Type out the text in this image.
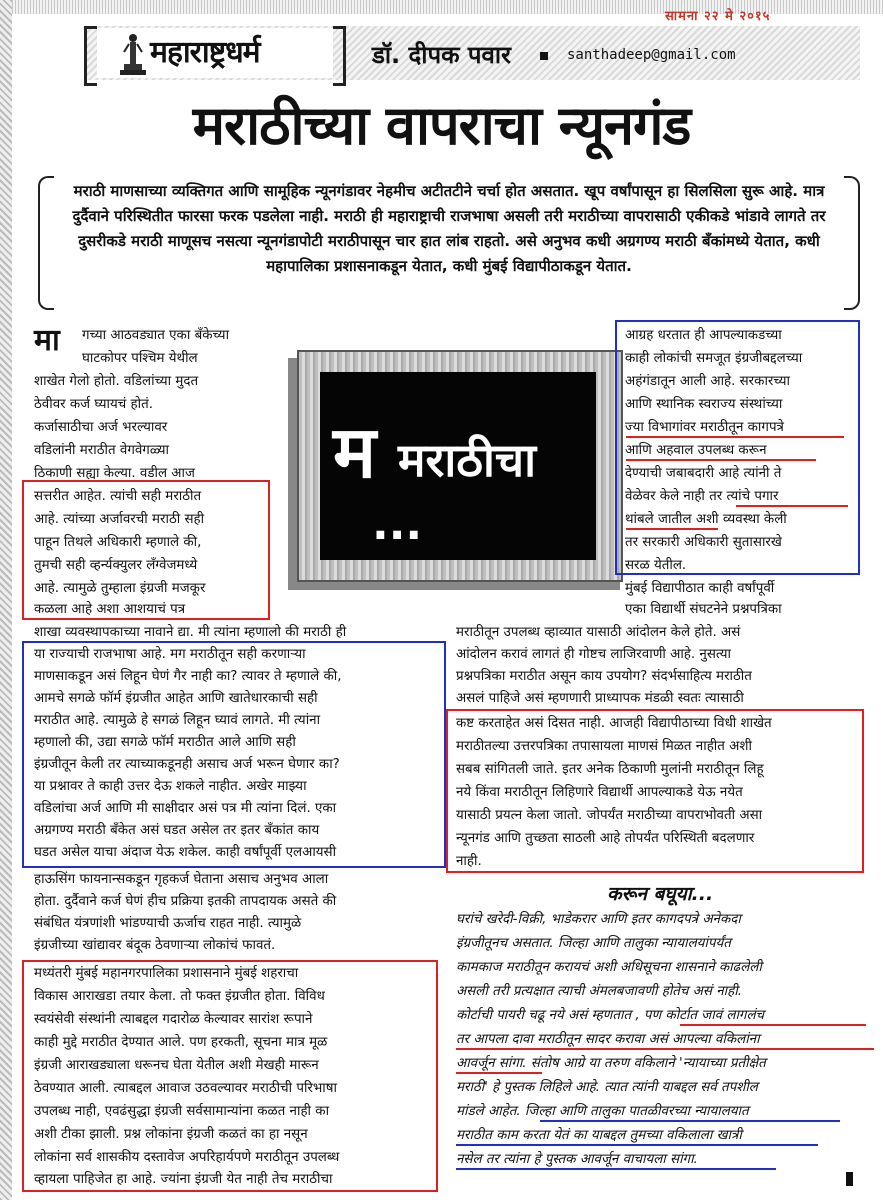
सामना २२ मे २०१५
महाराष्ट्रधर्म	डॉ. दीपक पवार	santhadeep@gmail.com
मराठीच्या वापराचा न्यूनगंड
मराठी माणसाच्या व्यक्तिगत आणि सामूहिक न्यूनगंडावर नेहमीच अटीतटीने चर्चा होत असतात. खूप वर्षांपासून हा सिलसिला सुरू आहे. मात्र दुर्दैवाने परिस्थितीत फारसा फरक पडलेला नाही. मराठी ही महाराष्ट्राची राजभाषा असली तरी मराठीच्या वापरासाठी एकीकडे भांडावे लागते तर दुसरीकडे मराठी माणूसच नसत्या न्यूनगंडापोटी मराठीपासून चार हात लांब राहतो. असे अनुभव कधी अग्रगण्य मराठी बँकांमध्ये येतात, कधी महापालिका प्रशासनाकडून येतात, कधी मुंबई विद्यापीठाकडून येतात.
म मराठीचा
...
मा गच्या आठवड्यात एका बँकेच्या
घाटकोपर पश्चिम येथील
शाखेत गेलो होतो. वडिलांच्या मुदत
ठेवीवर कर्ज घ्यायचं होतं.
कर्जासाठीचा अर्ज भरल्यावर
वडिलांनी मराठीत वेगवेगळ्या
ठिकाणी सह्या केल्या. वडील आज
सत्तरीत आहेत. त्यांची सही मराठीत
आहे. त्यांच्या अर्जावरची मराठी सही
पाहून तिथले अधिकारी म्हणाले की,
तुमची सही व्हर्न्यक्युलर लँग्वेजमध्ये
आहे. त्यामुळे तुम्हाला इंग्रजी मजकूर
कळला आहे अशा आशयाचं पत्र
शाखा व्यवस्थापकाच्या नावाने द्या. मी त्यांना म्हणालो की मराठी ही
या राज्याची राजभाषा आहे. मग मराठीतून सही करणाऱ्या
माणसाकडून असं लिहून घेणं गैर नाही का? त्यावर ते म्हणाले की,
आमचे सगळे फॉर्म इंग्रजीत आहेत आणि खातेधारकाची सही
मराठीत आहे. त्यामुळे हे सगळं लिहून घ्यावं लागते. मी त्यांना
म्हणालो की, उद्या सगळे फॉर्म मराठीत आले आणि सही
इंग्रजीतून केली तर त्याच्याकडूनही असाच अर्ज भरून घेणार का?
या प्रश्नावर ते काही उत्तर देऊ शकले नाहीत. अखेर माझ्या
वडिलांचा अर्ज आणि मी साक्षीदार असं पत्र मी त्यांना दिलं. एका
अग्रगण्य मराठी बँकेत असं घडत असेल तर इतर बँकांत काय
घडत असेल याचा अंदाज येऊ शकेल. काही वर्षांपूर्वी एलआयसी
हाऊसिंग फायनान्सकडून गृहकर्ज घेताना असाच अनुभव आला
होता. दुर्दैवाने कर्ज घेणं हीच प्रक्रिया इतकी तापदायक असते की
संबंधित यंत्रणांशी भांडण्याची ऊर्जाच राहत नाही. त्यामुळे
इंग्रजीच्या खांद्यावर बंदूक ठेवणाऱ्या लोकांचं फावतं.
मध्यंतरी मुंबई महानगरपालिका प्रशासनाने मुंबई शहराचा
विकास आराखडा तयार केला. तो फक्त इंग्रजीत होता. विविध
स्वयंसेवी संस्थांनी त्याबद्दल गदारोळ केल्यावर सारांश रूपाने
काही मुद्दे मराठीत देण्यात आले. पण हरकती, सूचना मात्र मूळ
इंग्रजी आराखड्याला धरूनच घेता येतील अशी मेखही मारून
ठेवण्यात आली. त्याबद्दल आवाज उठवल्यावर मराठीची परिभाषा
उपलब्ध नाही, एवढंसुद्धा इंग्रजी सर्वसामान्यांना कळत नाही का
अशी टीका झाली. प्रश्न लोकांना इंग्रजी कळतं का हा नसून
लोकांना सर्व शासकीय दस्तावेज अपरिहार्यपणे मराठीतून उपलब्ध
व्हायला पाहिजेत हा आहे. ज्यांना इंग्रजी येत नाही तेच मराठीचा
आग्रह धरतात ही आपल्याकडच्या
काही लोकांची समजूत इंग्रजीबद्दलच्या
अहंगंडातून आली आहे. सरकारच्या
आणि स्थानिक स्वराज्य संस्थांच्या
ज्या विभागांवर मराठीतून कागपत्रे
आणि अहवाल उपलब्ध करून
देण्याची जबाबदारी आहे त्यांनी ते
वेळेवर केले नाही तर त्यांचे पगार
थांबले जातील अशी व्यवस्था केली
तर सरकारी अधिकारी सुतासारखे
सरळ येतील.
मुंबई विद्यापीठात काही वर्षांपूर्वी
एका विद्यार्थी संघटनेने प्रश्नपत्रिका
मराठीतून उपलब्ध व्हाव्यात यासाठी आंदोलन केले होते. असं
आंदोलन करावं लागतं ही गोष्टच लाजिरवाणी आहे. नुसत्या
प्रश्नपत्रिका मराठीत असून काय उपयोग? संदर्भसाहित्य मराठीत
असलं पाहिजे असं म्हणणारी प्राध्यापक मंडळी स्वतः त्यासाठी
कष्ट करताहेत असं दिसत नाही. आजही विद्यापीठाच्या विधी शाखेत
मराठीतल्या उत्तरपत्रिका तपासायला माणसं मिळत नाहीत अशी
सबब सांगितली जाते. इतर अनेक ठिकाणी मुलांनी मराठीतून लिहू
नये किंवा मराठीतून लिहिणारे विद्यार्थी आपल्याकडे येऊ नयेत
यासाठी प्रयत्न केला जातो. जोपर्यंत मराठीच्या वापराभोवती असा
न्यूनगंड आणि तुच्छता साठली आहे तोपर्यंत परिस्थिती बदलणार
नाही.
करून बघूया...
घरांचे खरेदी-विक्री, भाडेकरार आणि इतर कागदपत्रे अनेकदा
इंग्रजीतूनच असतात. जिल्हा आणि तालुका न्यायालयांपर्यंत
कामकाज मराठीतून करायचं अशी अधिसूचना शासनाने काढलेली
असली तरी प्रत्यक्षात त्याची अंमलबजावणी होतेच असं नाही.
कोर्टाची पायरी चढू नये असं म्हणतात , पण कोर्टात जावं लागलंच
तर आपला दावा मराठीतून सादर करावा असं आपल्या वकिलांना
आवर्जून सांगा. संतोष आग्रे या तरुण वकिलाने 'न्यायाच्या प्रतीक्षेत
मराठी' हे पुस्तक लिहिले आहे. त्यात त्यांनी याबद्दल सर्व तपशील
मांडले आहेत. जिल्हा आणि तालुका पातळीवरच्या न्यायालयात
मराठीत काम करता येतं का याबद्दल तुमच्या वकिलाला खात्री
नसेल तर त्यांना हे पुस्तक आवर्जून वाचायला सांगा.
